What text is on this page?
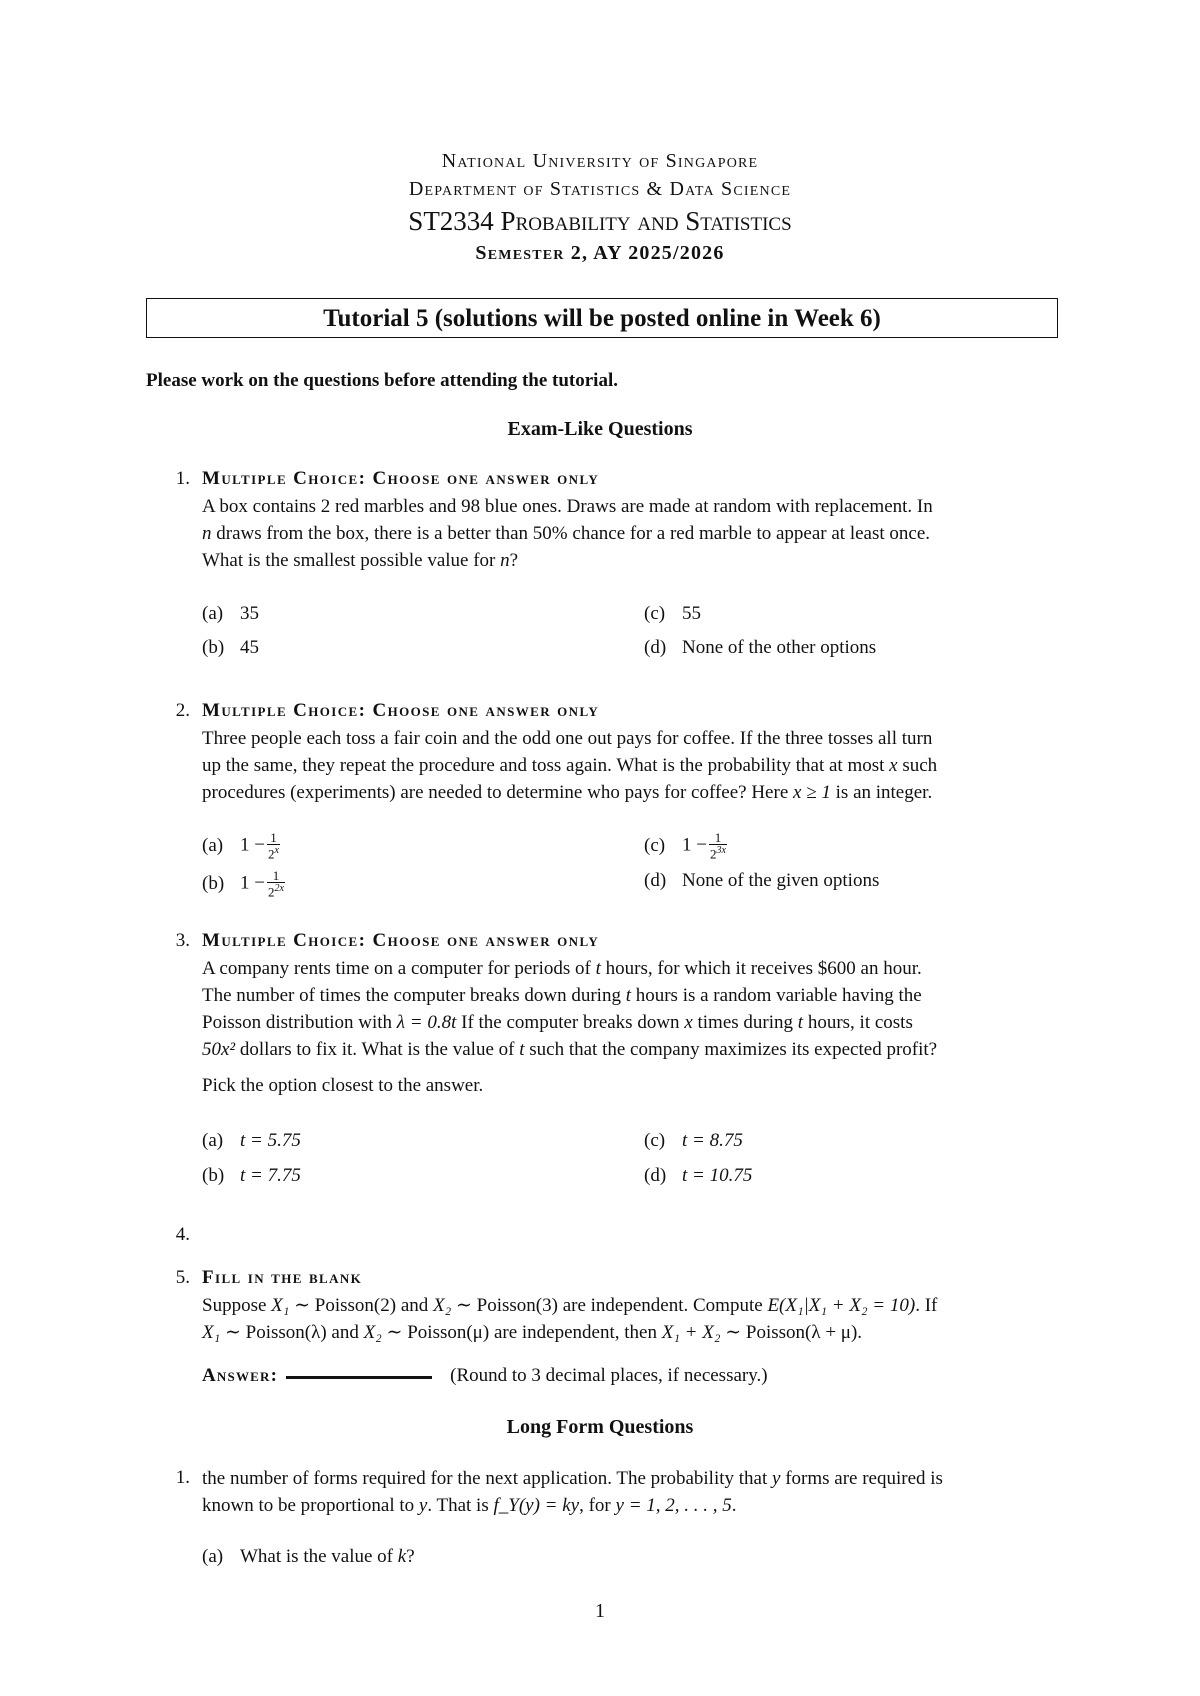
National University of Singapore
Department of Statistics & Data Science
ST2334 Probability and Statistics
Semester 2, AY 2025/2026
Tutorial 5 (solutions will be posted online in Week 6)
Please work on the questions before attending the tutorial.
Exam-Like Questions
1. Multiple Choice: Choose one answer only
A box contains 2 red marbles and 98 blue ones. Draws are made at random with replacement. In
n draws from the box, there is a better than 50% chance for a red marble to appear at least once.
What is the smallest possible value for n?
(a) 35
(b) 45
(c) 55
(d) None of the other options
2. Multiple Choice: Choose one answer only
Three people each toss a fair coin and the odd one out pays for coffee. If the three tosses all turn
up the same, they repeat the procedure and toss again. What is the probability that at most x such
procedures (experiments) are needed to determine who pays for coffee? Here x ≥ 1 is an integer.
(a) $1 - \frac{1}{2^x}$
(b) $1 - \frac{1}{2^{2x}}$
(c) $1 - \frac{1}{2^{3x}}$
(d) None of the given options
3. Multiple Choice: Choose one answer only
A company rents time on a computer for periods of t hours, for which it receives $600 an hour.
The number of times the computer breaks down during t hours is a random variable having the
Poisson distribution with λ = 0.8t If the computer breaks down x times during t hours, it costs
50x² dollars to fix it. What is the value of t such that the company maximizes its expected profit?
Pick the option closest to the answer.
(a) t = 5.75
(b) t = 7.75
(c) t = 8.75
(d) t = 10.75
4.
5. Fill in the blank
Suppose X₁ ∼ Poisson(2) and X₂ ∼ Poisson(3) are independent. Compute E(X₁|X₁ + X₂ = 10). If
X₁ ∼ Poisson(λ) and X₂ ∼ Poisson(μ) are independent, then X₁ + X₂ ∼ Poisson(λ + μ).
Answer:	(Round to 3 decimal places, if necessary.)
Long Form Questions
1. the number of forms required for the next application. The probability that y forms are required is
known to be proportional to y. That is f_Y(y) = ky, for y = 1, 2, . . . , 5.
(a) What is the value of k?
1
